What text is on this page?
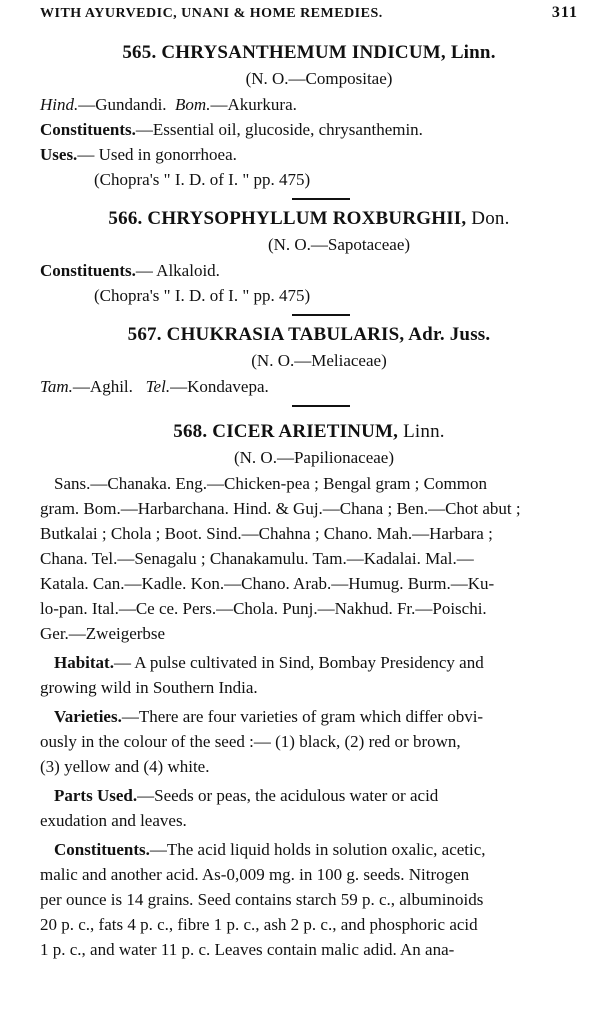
WITH AYURVEDIC, UNANI & HOME REMEDIES.	311
565. CHRYSANTHEMUM INDICUM, Linn.
(N. O.—Compositae)
Hind.—Gundandi. Bom.—Akurkura.
Constituents.—Essential oil, glucoside, chrysanthemin.
Uses.— Used in gonorrhoea.
(Chopra's " I. D. of I. " pp. 475)
566. CHRYSOPHYLLUM ROXBURGHII, Don.
(N. O.—Sapotaceae)
Constituents.— Alkaloid.
(Chopra's " I. D. of I. " pp. 475)
567. CHUKRASIA TABULARIS, Adr. Juss.
(N. O.—Meliaceae)
Tam.—Aghil. Tel.—Kondavepa.
568. CICER ARIETINUM, Linn.
(N. O.—Papilionaceae)
Sans.—Chanaka. Eng.—Chicken-pea ; Bengal gram ; Common
gram. Bom.—Harbarchana. Hind. & Guj.—Chana ; Ben.—Chot abut ;
Butkalai ; Chola ; Boot. Sind.—Chahna ; Chano. Mah.—Harbara ;
Chana. Tel.—Senagalu ; Chanakamulu. Tam.—Kadalai. Mal.—
Katala. Can.—Kadle. Kon.—Chano. Arab.—Humug. Burm.—Ku-
lo-pan. Ital.—Ce ce. Pers.—Chola. Punj.—Nakhud. Fr.—Poischi.
Ger.—Zweigerbse
Habitat.— A pulse cultivated in Sind, Bombay Presidency and
growing wild in Southern India.
Varieties.—There are four varieties of gram which differ obvi-
ously in the colour of the seed :— (1) black, (2) red or brown,
(3) yellow and (4) white.
Parts Used.—Seeds or peas, the acidulous water or acid
exudation and leaves.
Constituents.—The acid liquid holds in solution oxalic, acetic,
malic and another acid. As-0,009 mg. in 100 g. seeds. Nitrogen
per ounce is 14 grains. Seed contains starch 59 p. c., albuminoids
20 p. c., fats 4 p. c., fibre 1 p. c., ash 2 p. c., and phosphoric acid
1 p. c., and water 11 p. c. Leaves contain malic adid. An ana-
